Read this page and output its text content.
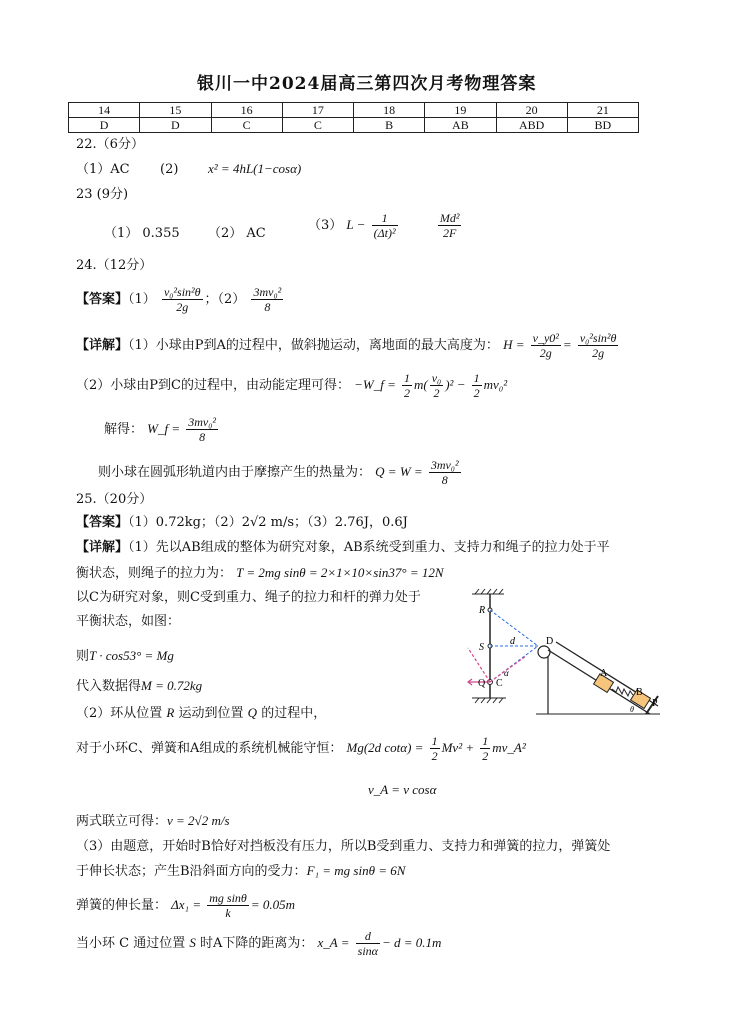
银川一中2024届高三第四次月考物理答案
14	15	16	17	18	19	20	21
D	D	C	C	B	AB	ABD	BD
22.（6分）
（1）AC (2) x² = 4hL(1−cosα)
23 (9分)
（1） 0.355 （2） AC
（3） $L - \frac{1}{\text{(Δt)²}}$
	$\frac{\text{Md²}}{2F}$
24.（12分）
【答案】$(1) \frac{\text{v₀²sin²θ}}{2g}$ ；$(2) \frac{\text{3mv₀²}}{8}$
【详解】（1）小球由P到A的过程中，做斜抛运动，离地面的最大高度为： $H = \frac{\text{v\_y0²}}{2g} = \frac{\text{v₀²sin²θ}}{2g}$
（2）小球由P到C的过程中，由动能定理可得： −W_f = $\frac{1}{2} m( \frac{\text{v₀}}{2} )^2 - \frac{1}{2} mv_0^2$
解得： W_f = $\frac{\text{3mv₀²}}{8}$
则小球在圆弧形轨道内由于摩擦产生的热量为： $Q = W = \frac{\text{3mv₀²}}{8}$
25.（20分）
【答案】（1）0.72kg；（2）2√2 m/s；（3）2.76J，0.6J
【详解】（1）先以AB组成的整体为研究对象，AB系统受到重力、支持力和绳子的拉力处于平
衡状态，则绳子的拉力为： T = 2mg sinθ = 2×1×10×sin37° = 12N
以C为研究对象，则C受到重力、绳子的拉力和杆的弹力处于
平衡状态，如图：
则T · cos53° = Mg
代入数据得M = 0.72kg
（2）环从位置 R 运动到位置 Q 的过程中，
对于小环C、弹簧和A组成的系统机械能守恒： Mg(2d $\cot\alpha) = \frac{1}{2} Mv^2 + \frac{1}{2}$ mv_A²
v_A = v cosα
两式联立可得：v = 2√2 m/s
（3）由题意，开始时B恰好对挡板没有压力，所以B受到重力、支持力和弹簧的拉力，弹簧处
于伸长状态；产生B沿斜面方向的受力：F₁ = mg sinθ = 6N
弹簧的伸长量： $\Delta x_1 = \frac{\text{mg sinθ}}{k} = 0.05m$
当小环 C 通过位置 S 时A下降的距离为： x_A = $\frac{d}{\sin\alpha} - d = 0.1m$
R
S
d	D
α
Q C
A
B
P
θ
